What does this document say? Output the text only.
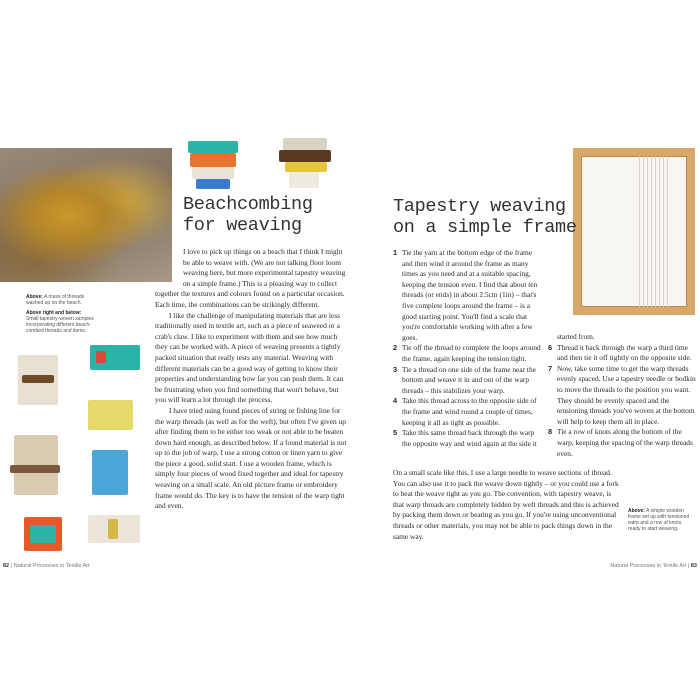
Beachcombing
for weaving

I love to pick up things on a beach that I think I might be able to weave with. (We are not talking floor loom weaving here, but more experimental tapestry weaving on a simple frame.) This is a pleasing way to collect together the textures and colours found on a particular occasion. Each time, the combinations can be strikingly different.

I like the challenge of manipulating materials that are less traditionally used in textile art, such as a piece of seaweed or a crab's claw. I like to experiment with them and see how much they can be worked with. A piece of weaving presents a tightly packed situation that really tests any material. Weaving with different materials can be a good way of getting to know their properties and understanding how far you can push them. It can be frustrating when you find something that won't behave, but you will learn a lot through the process.

I have tried using found pieces of string or fishing line for the warp threads (as well as for the weft), but often I've given up after finding them to be either too weak or not able to be beaten down hard enough, as described below. If a found material is not up to the job of warp, I use a strong cotton or linen yarn to give the piece a good, solid start. I use a wooden frame, which is simply four pieces of wood fixed together and ideal for tapestry weaving on a small scale. An old picture frame or embroidery frame would do. The key is to have the tension of the warp tight and even.

Above: A mass of threads washed up on the beach.

Above right and below:
Small tapestry-woven samples incorporating different beach-combed threads and items.

82 | Natural Processes in Textile Art
Tapestry weaving
on a simple frame
1 Tie the yarn at the bottom edge of the frame and then wind it around the frame as many times as you need and at a suitable spacing, keeping the tension even. I find that about ten threads (or ends) in about 2.5cm (1in) – that's five complete loops around the frame – is a good starting point. You'll find a scale that you're comfortable working with after a few goes.
2 Tie off the thread to complete the loops around the frame, again keeping the tension tight.
3 Tie a thread on one side of the frame near the bottom and weave it in and out of the warp threads – this stabilizes your warp.
4 Take this thread across to the opposite side of the frame and wind round a couple of times, keeping it all as tight as possible.
5 Take this same thread back through the warp the opposite way and wind again at the side it
started from.
6 Thread it back through the warp a third time and then tie it off tightly on the opposite side.
7 Now, take some time to get the warp threads evenly spaced. Use a tapestry needle or bodkin to move the threads to the position you want. They should be evenly spaced and the tensioning threads you've woven at the bottom will help to keep them all in place.
8 Tie a row of knots along the bottom of the warp, keeping the spacing of the warp threads even.

On a small scale like this, I use a large needle to weave sections of thread. You can also use it to pack the weave down tightly – or you could use a fork to beat the weave tight as you go. The convention, with tapestry weave, is that warp threads are completely hidden by weft threads and this is achieved by packing them down or beating as you go. If you're using unconventional threads or other materials, you may not be able to pack things down in the same way.

Above: A simple wooden frame set up with tensioned warp and a row of knots, ready to start weaving.
Natural Processes in Textile Art | 83
